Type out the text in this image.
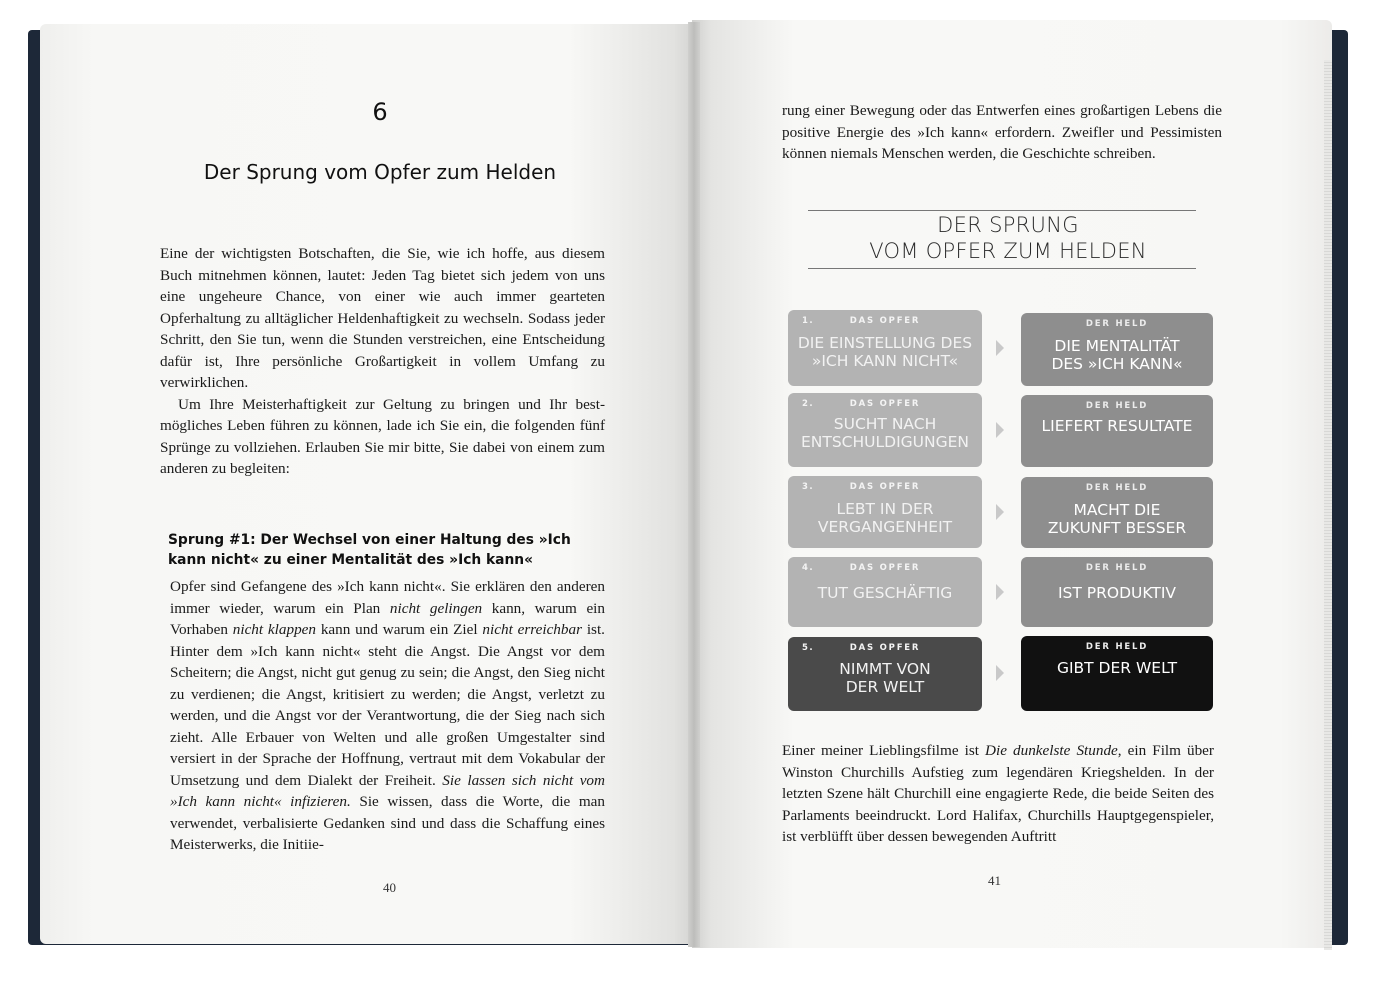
6
Der Sprung vom Opfer zum Helden

Eine der wichtigsten Botschaften, die Sie, wie ich hoffe, aus diesem Buch mitnehmen können, lautet: Jeden Tag bietet sich jedem von uns eine ungeheure Chance, von einer wie auch immer gearteten Opferhaltung zu alltäglicher Heldenhaftigkeit zu wechseln. Sodass jeder Schritt, den Sie tun, wenn die Stunden verstreichen, eine Entscheidung dafür ist, Ihre persönliche Großartigkeit in vollem Umfang zu verwirklichen.

Um Ihre Meisterhaftigkeit zur Geltung zu bringen und Ihr bestmögliches Leben führen zu können, lade ich Sie ein, die folgenden fünf Sprünge zu vollziehen. Erlauben Sie mir bitte, Sie dabei von einem zum anderen zu begleiten:

Sprung #1: Der Wechsel von einer Haltung des »Ich kann nicht« zu einer Mentalität des »Ich kann«

Opfer sind Gefangene des »Ich kann nicht«. Sie erklären den anderen immer wieder, warum ein Plan nicht gelingen kann, warum ein Vorhaben nicht klappen kann und warum ein Ziel nicht erreichbar ist. Hinter dem »Ich kann nicht« steht die Angst. Die Angst vor dem Scheitern; die Angst, nicht gut genug zu sein; die Angst, den Sieg nicht zu verdienen; die Angst, kritisiert zu werden; die Angst, verletzt zu werden, und die Angst vor der Verantwortung, die der Sieg nach sich zieht. Alle Erbauer von Welten und alle großen Umgestalter sind versiert in der Sprache der Hoffnung, vertraut mit dem Vokabular der Umsetzung und dem Dialekt der Freiheit. Sie lassen sich nicht vom »Ich kann nicht« infizieren. Sie wissen, dass die Worte, die man verwendet, verbalisierte Gedanken sind und dass die Schaffung eines Meisterwerks, die Initiie-

40

rung einer Bewegung oder das Entwerfen eines großartigen Lebens die positive Energie des »Ich kann« erfordern. Zweifler und Pessimisten können niemals Menschen werden, die Geschichte schreiben.

DER SPRUNG
VOM OPFER ZUM HELDEN
1.	DAS OPFER
DIE EINSTELLUNG DES
»ICH KANN NICHT«
DER HELD
DIE MENTALITÄT
DES »ICH KANN«
2.	DAS OPFER
SUCHT NACH
ENTSCHULDIGUNGEN
DER HELD
LIEFERT RESULTATE
3.	DAS OPFER
LEBT IN DER
VERGANGENHEIT
DER HELD
MACHT DIE
ZUKUNFT BESSER
4.	DAS OPFER
TUT GESCHÄFTIG
DER HELD
IST PRODUKTIV
5.	DAS OPFER
NIMMT VON
DER WELT
DER HELD
GIBT DER WELT

Einer meiner Lieblingsfilme ist Die dunkelste Stunde, ein Film über Winston Churchills Aufstieg zum legendären Kriegshelden. In der letzten Szene hält Churchill eine engagierte Rede, die beide Seiten des Parlaments beeindruckt. Lord Halifax, Churchills Hauptgegenspieler, ist verblüfft über dessen bewegenden Auftritt

41
